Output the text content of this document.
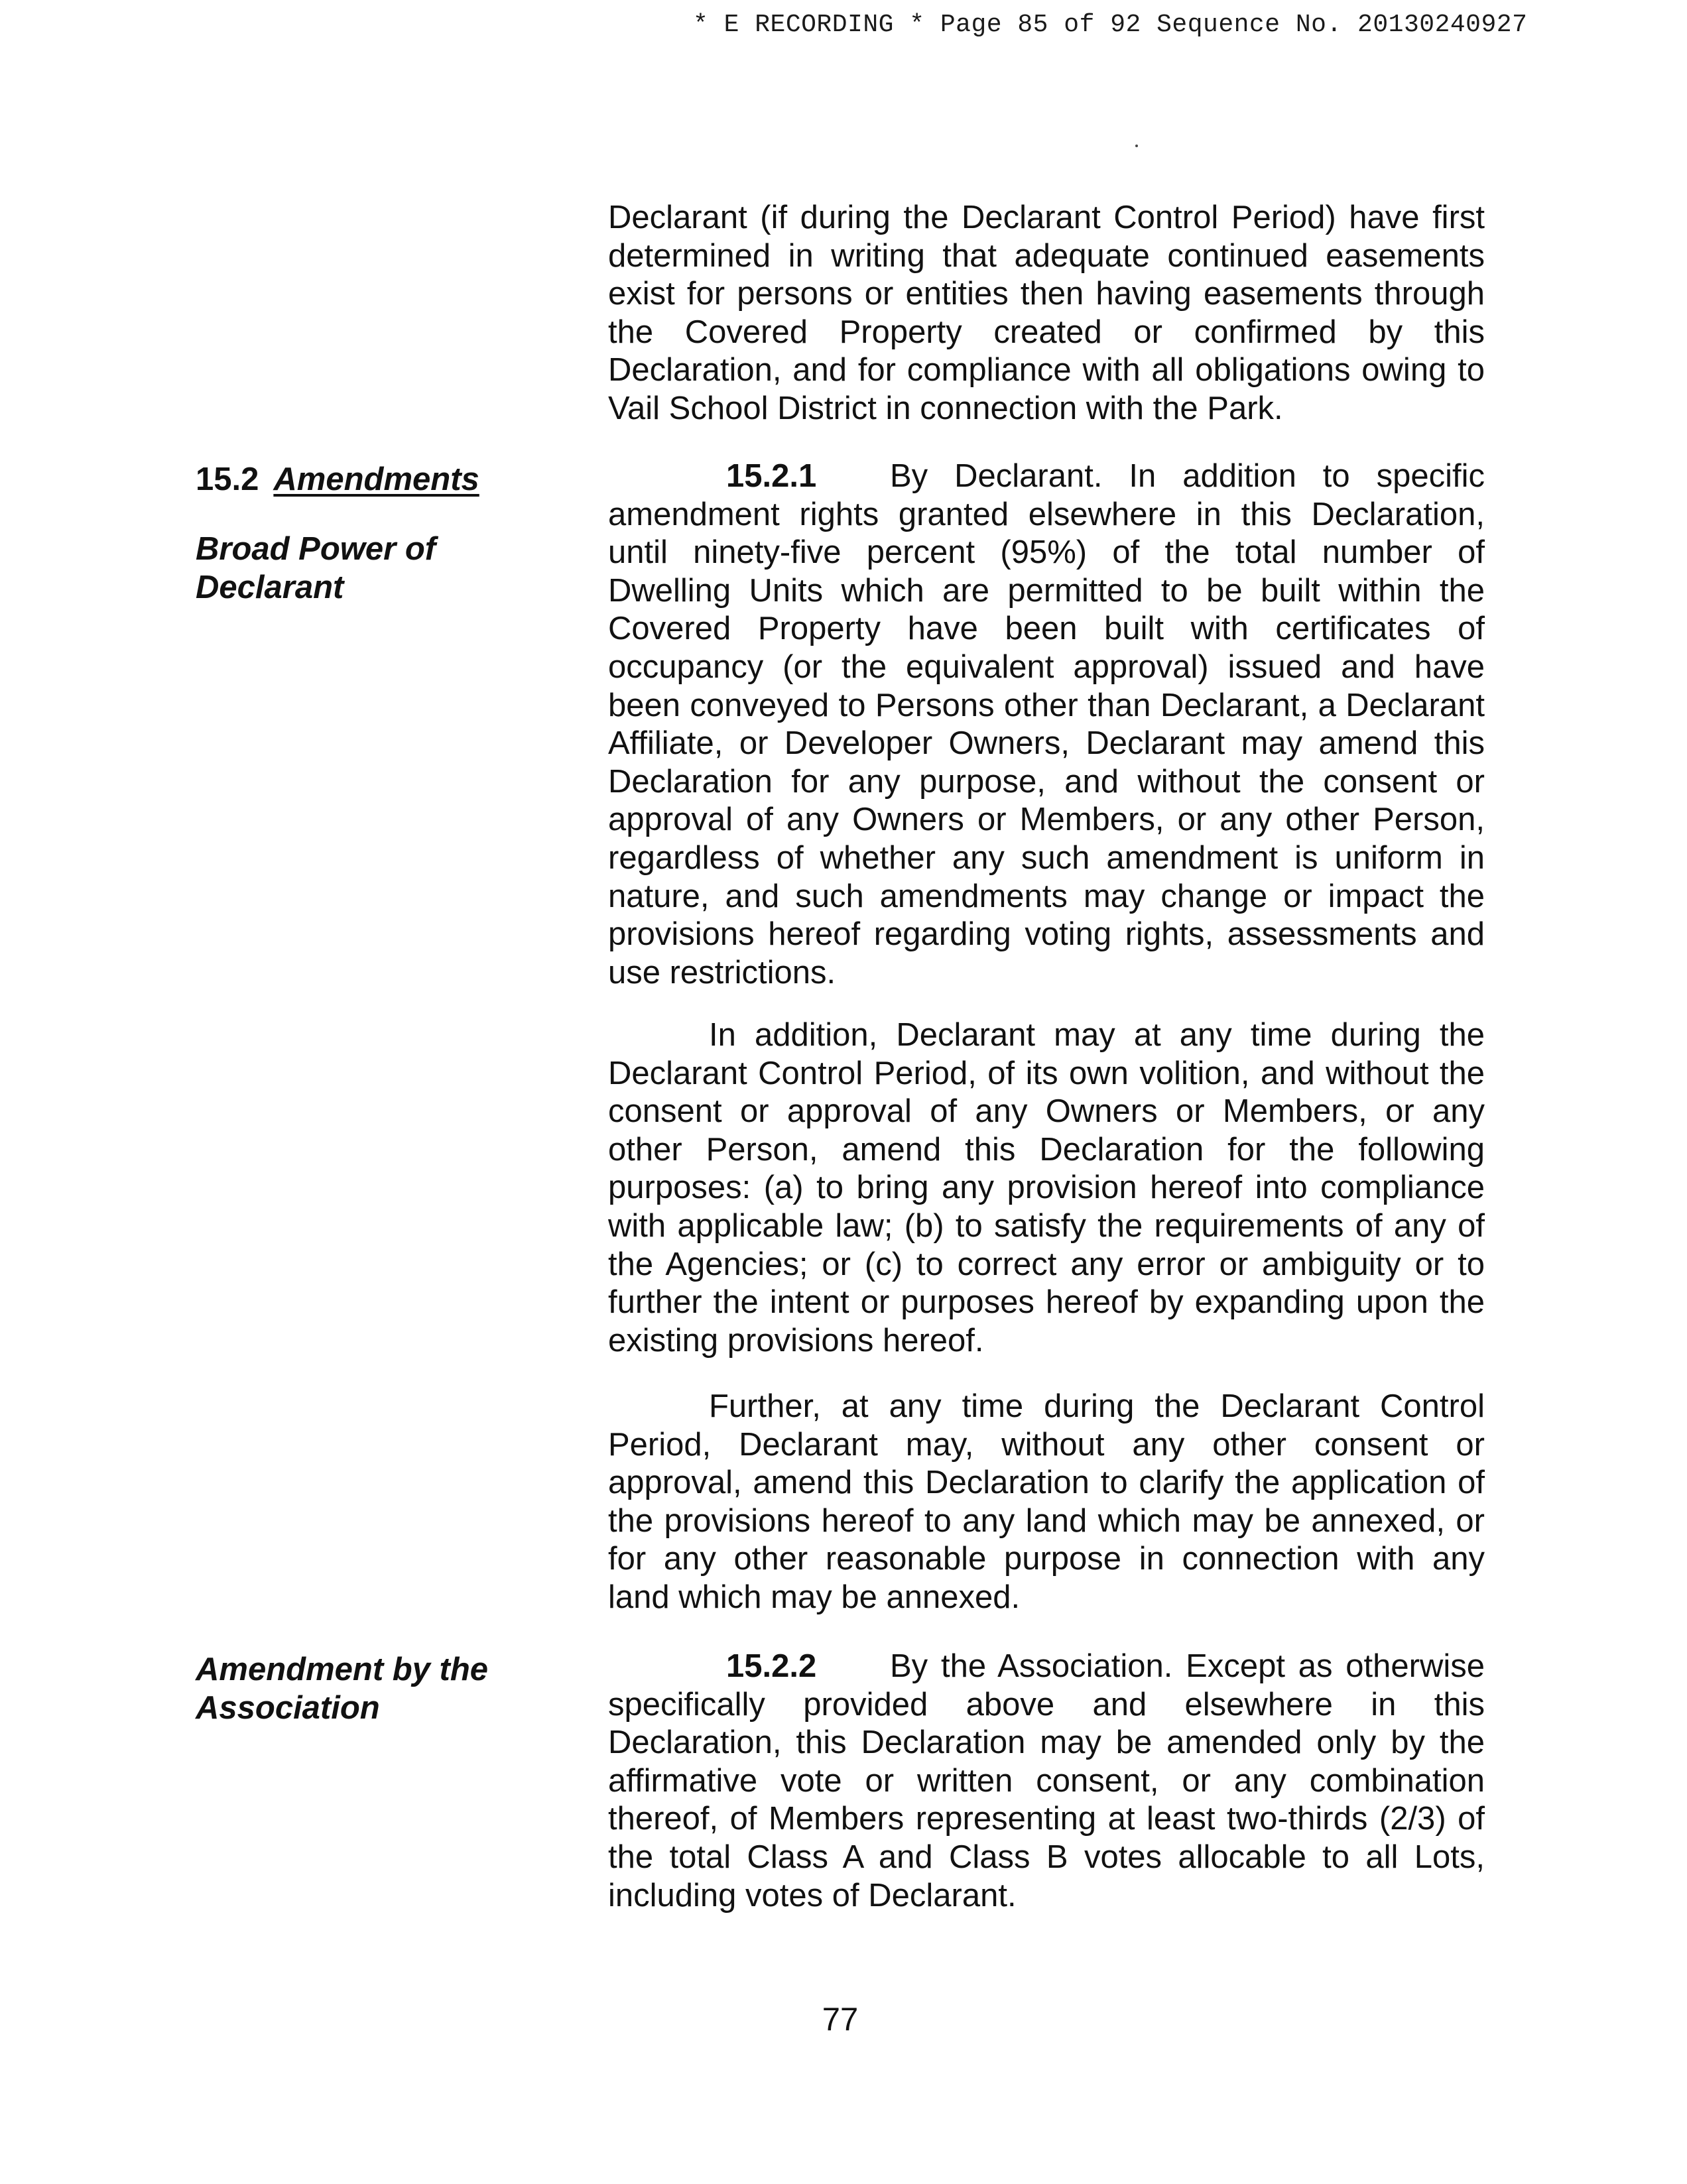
* E RECORDING * Page 85 of 92 Sequence No. 20130240927

Declarant (if during the Declarant Control Period) have first determined in writing that adequate continued easements exist for persons or entities then having easements through the Covered Property created or confirmed by this Declaration, and for compliance with all obligations owing to Vail School District in connection with the Park.

15.2 Amendments
Broad Power of Declarant

15.2.1 By Declarant. In addition to specific amendment rights granted elsewhere in this Declaration, until ninety-five percent (95%) of the total number of Dwelling Units which are permitted to be built within the Covered Property have been built with certificates of occupancy (or the equivalent approval) issued and have been conveyed to Persons other than Declarant, a Declarant Affiliate, or Developer Owners, Declarant may amend this Declaration for any purpose, and without the consent or approval of any Owners or Members, or any other Person, regardless of whether any such amendment is uniform in nature, and such amendments may change or impact the provisions hereof regarding voting rights, assessments and use restrictions.

In addition, Declarant may at any time during the Declarant Control Period, of its own volition, and without the consent or approval of any Owners or Members, or any other Person, amend this Declaration for the following purposes: (a) to bring any provision hereof into compliance with applicable law; (b) to satisfy the requirements of any of the Agencies; or (c) to correct any error or ambiguity or to further the intent or purposes hereof by expanding upon the existing provisions hereof.

Further, at any time during the Declarant Control Period, Declarant may, without any other consent or approval, amend this Declaration to clarify the application of the provisions hereof to any land which may be annexed, or for any other reasonable purpose in connection with any land which may be annexed.

Amendment by the Association

15.2.2 By the Association. Except as otherwise specifically provided above and elsewhere in this Declaration, this Declaration may be amended only by the affirmative vote or written consent, or any combination thereof, of Members representing at least two-thirds (2/3) of the total Class A and Class B votes allocable to all Lots, including votes of Declarant.

77
